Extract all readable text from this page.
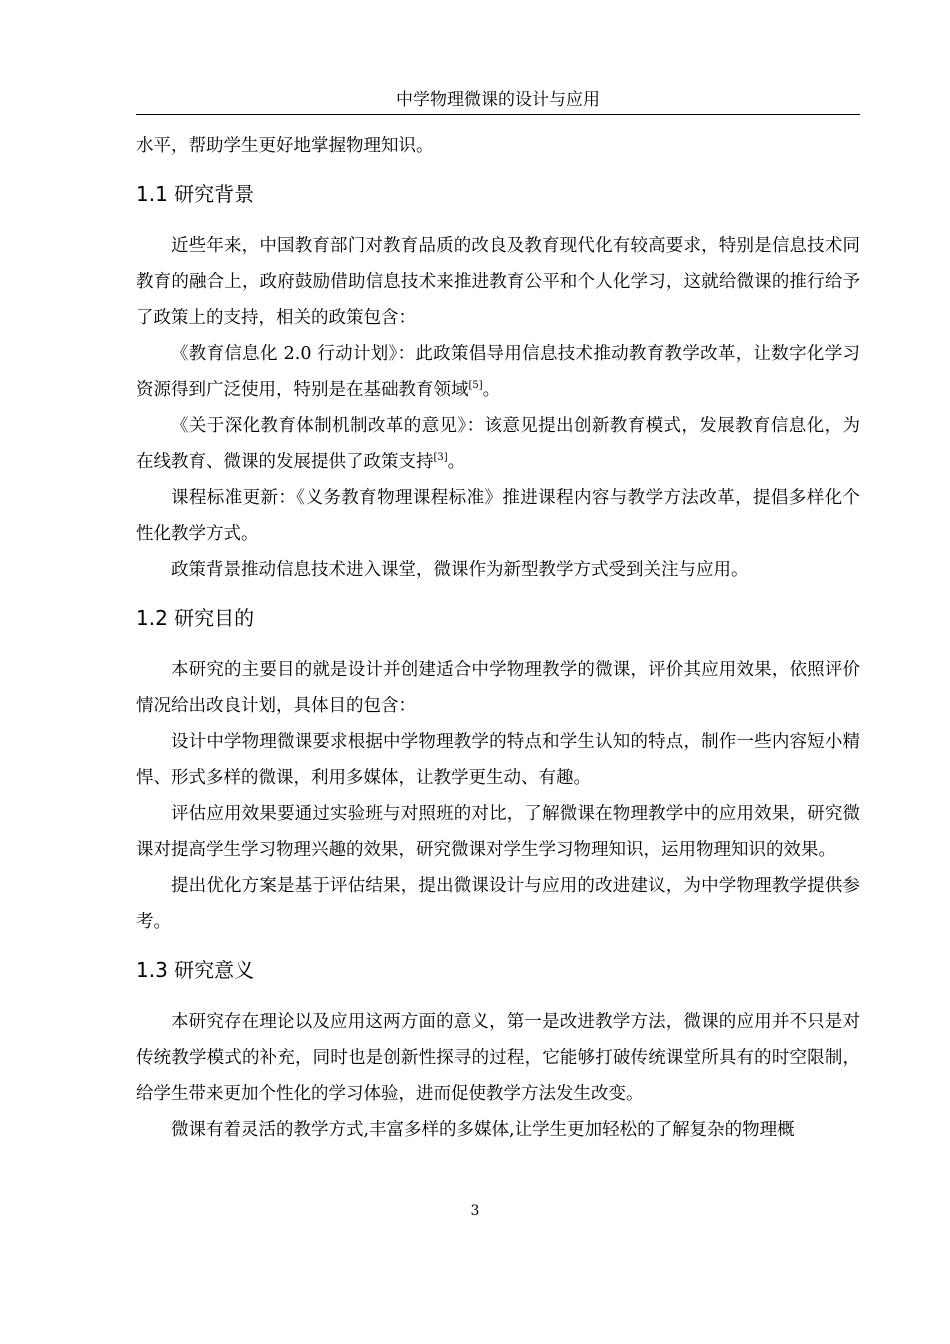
中学物理微课的设计与应用

水平，帮助学生更好地掌握物理知识。

1.1 研究背景

近些年来，中国教育部门对教育品质的改良及教育现代化有较高要求，特别是信息技术同教育的融合上，政府鼓励借助信息技术来推进教育公平和个人化学习，这就给微课的推行给予了政策上的支持，相关的政策包含：

《教育信息化 2.0 行动计划》：此政策倡导用信息技术推动教育教学改革，让数字化学习资源得到广泛使用，特别是在基础教育领域[5]。

《关于深化教育体制机制改革的意见》：该意见提出创新教育模式，发展教育信息化，为在线教育、微课的发展提供了政策支持[3]。

课程标准更新：《义务教育物理课程标准》推进课程内容与教学方法改革，提倡多样化个性化教学方式。

政策背景推动信息技术进入课堂，微课作为新型教学方式受到关注与应用。

1.2 研究目的

本研究的主要目的就是设计并创建适合中学物理教学的微课，评价其应用效果，依照评价情况给出改良计划，具体目的包含：

设计中学物理微课要求根据中学物理教学的特点和学生认知的特点，制作一些内容短小精悍、形式多样的微课，利用多媒体，让教学更生动、有趣。

评估应用效果要通过实验班与对照班的对比，了解微课在物理教学中的应用效果，研究微课对提高学生学习物理兴趣的效果，研究微课对学生学习物理知识，运用物理知识的效果。

提出优化方案是基于评估结果，提出微课设计与应用的改进建议，为中学物理教学提供参考。

1.3 研究意义

本研究存在理论以及应用这两方面的意义，第一是改进教学方法，微课的应用并不只是对传统教学模式的补充，同时也是创新性探寻的过程，它能够打破传统课堂所具有的时空限制，给学生带来更加个性化的学习体验，进而促使教学方法发生改变。

微课有着灵活的教学方式,丰富多样的多媒体,让学生更加轻松的了解复杂的物理概

3
